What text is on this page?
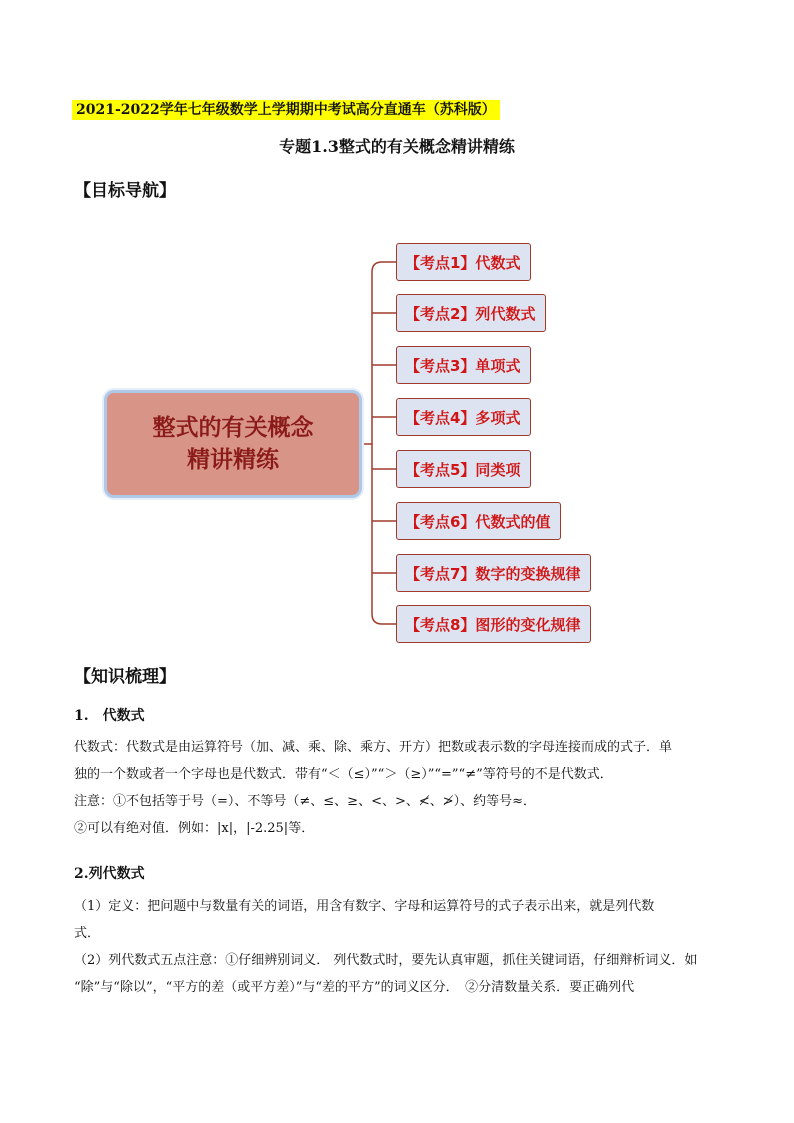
2021-2022学年七年级数学上学期期中考试高分直通车（苏科版）
专题1.3整式的有关概念精讲精练
【目标导航】
整式的有关概念
精讲精练
【考点1】代数式
【考点2】列代数式
【考点3】单项式
【考点4】多项式
【考点5】同类项
【考点6】代数式的值
【考点7】数字的变换规律
【考点8】图形的变化规律
【知识梳理】
1.　代数式
代数式：代数式是由运算符号（加、减、乘、除、乘方、开方）把数或表示数的字母连接而成的式子．单
独的一个数或者一个字母也是代数式．带有“＜（≤）”“＞（≥）”“=”“≠”等符号的不是代数式．
注意：①不包括等于号（=）、不等号（≠、≤、≥、<、>、≮、≯）、约等号≈．
②可以有绝对值．例如：|x|，|-2.25|等．
2.列代数式
（1）定义：把问题中与数量有关的词语，用含有数字、字母和运算符号的式子表示出来，就是列代数
式．
（2）列代数式五点注意：①仔细辨别词义． 列代数式时，要先认真审题，抓住关键词语，仔细辩析词义．如
“除”与“除以”，“平方的差（或平方差）”与“差的平方”的词义区分．　②分清数量关系．要正确列代
